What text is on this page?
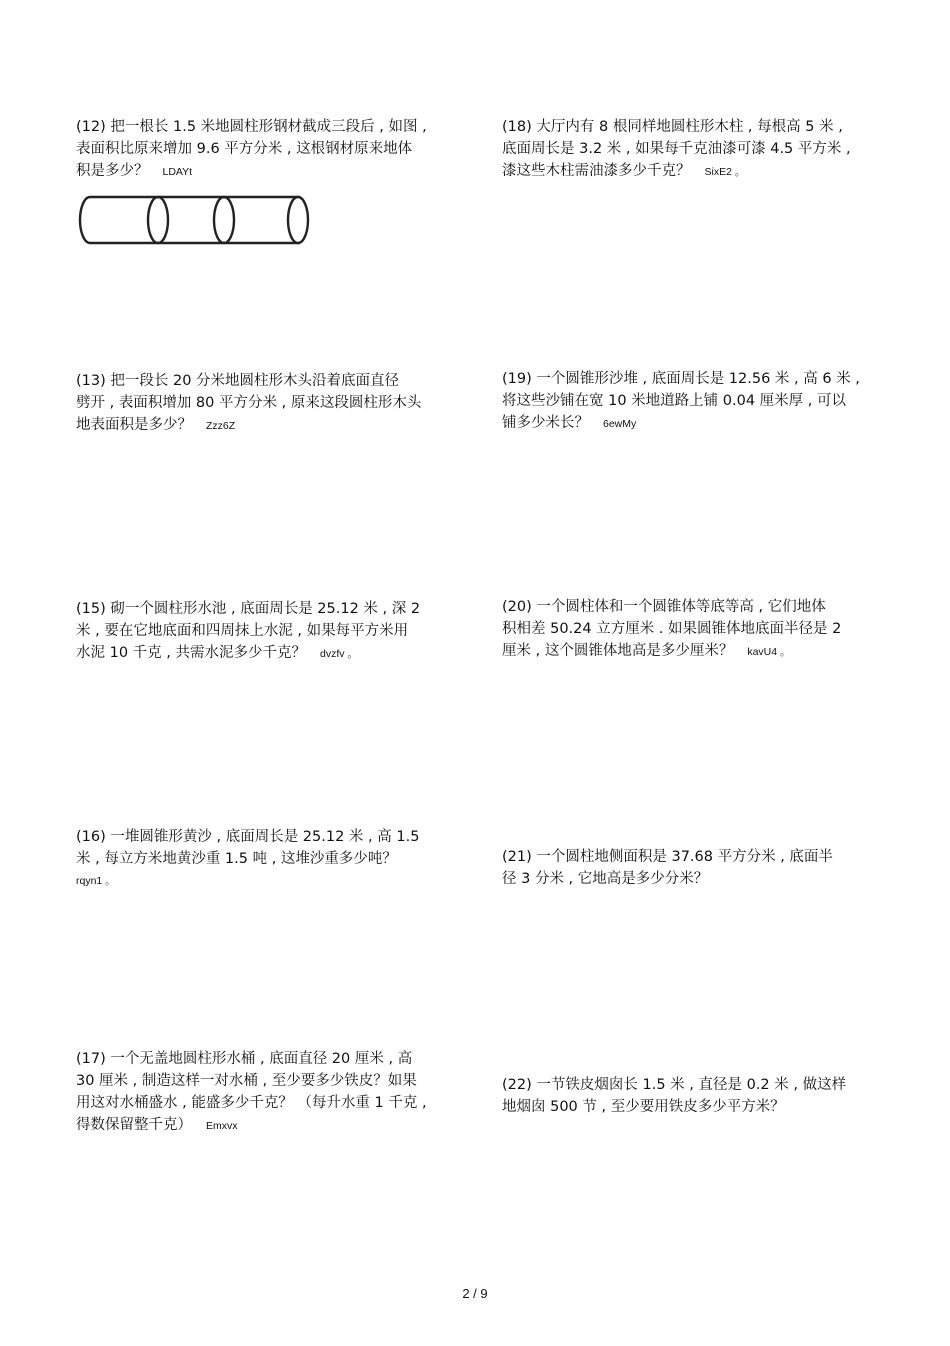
(12) 把一根长 1.5 米地圆柱形钢材截成三段后 , 如图 ,
表面积比原来增加 9.6 平方分米 , 这根钢材原来地体
积是多少？ LDAYt
(13) 把一段长 20 分米地圆柱形木头沿着底面直径
劈开 , 表面积增加 80 平方分米 , 原来这段圆柱形木头
地表面积是多少？ Zzz6Z
(15) 砌一个圆柱形水池 , 底面周长是 25.12 米 , 深 2
米 , 要在它地底面和四周抹上水泥 , 如果每平方米用
水泥 10 千克 , 共需水泥多少千克？ dvzfv 。
(16) 一堆圆锥形黄沙 , 底面周长是 25.12 米 , 高 1.5
米 , 每立方米地黄沙重 1.5 吨 , 这堆沙重多少吨？
rqyn1 。
(17) 一个无盖地圆柱形水桶 , 底面直径 20 厘米 , 高
30 厘米 , 制造这样一对水桶 , 至少要多少铁皮？如果
用这对水桶盛水 , 能盛多少千克？ （每升水重 1 千克 ,
得数保留整千克） Emxvx
(18) 大厅内有 8 根同样地圆柱形木柱 , 每根高 5 米 ,
底面周长是 3.2 米 , 如果每千克油漆可漆 4.5 平方米 ,
漆这些木柱需油漆多少千克？ SixE2 。
(19) 一个圆锥形沙堆 , 底面周长是 12.56 米 , 高 6 米 ,
将这些沙铺在宽 10 米地道路上铺 0.04 厘米厚 , 可以
铺多少米长？ 6ewMy
(20) 一个圆柱体和一个圆锥体等底等高 , 它们地体
积相差 50.24 立方厘米 . 如果圆锥体地底面半径是 2
厘米 , 这个圆锥体地高是多少厘米？ kavU4 。
(21) 一个圆柱地侧面积是 37.68 平方分米 , 底面半
径 3 分米 , 它地高是多少分米？
(22) 一节铁皮烟囱长 1.5 米 , 直径是 0.2 米 , 做这样
地烟囱 500 节 , 至少要用铁皮多少平方米？
2 / 9
